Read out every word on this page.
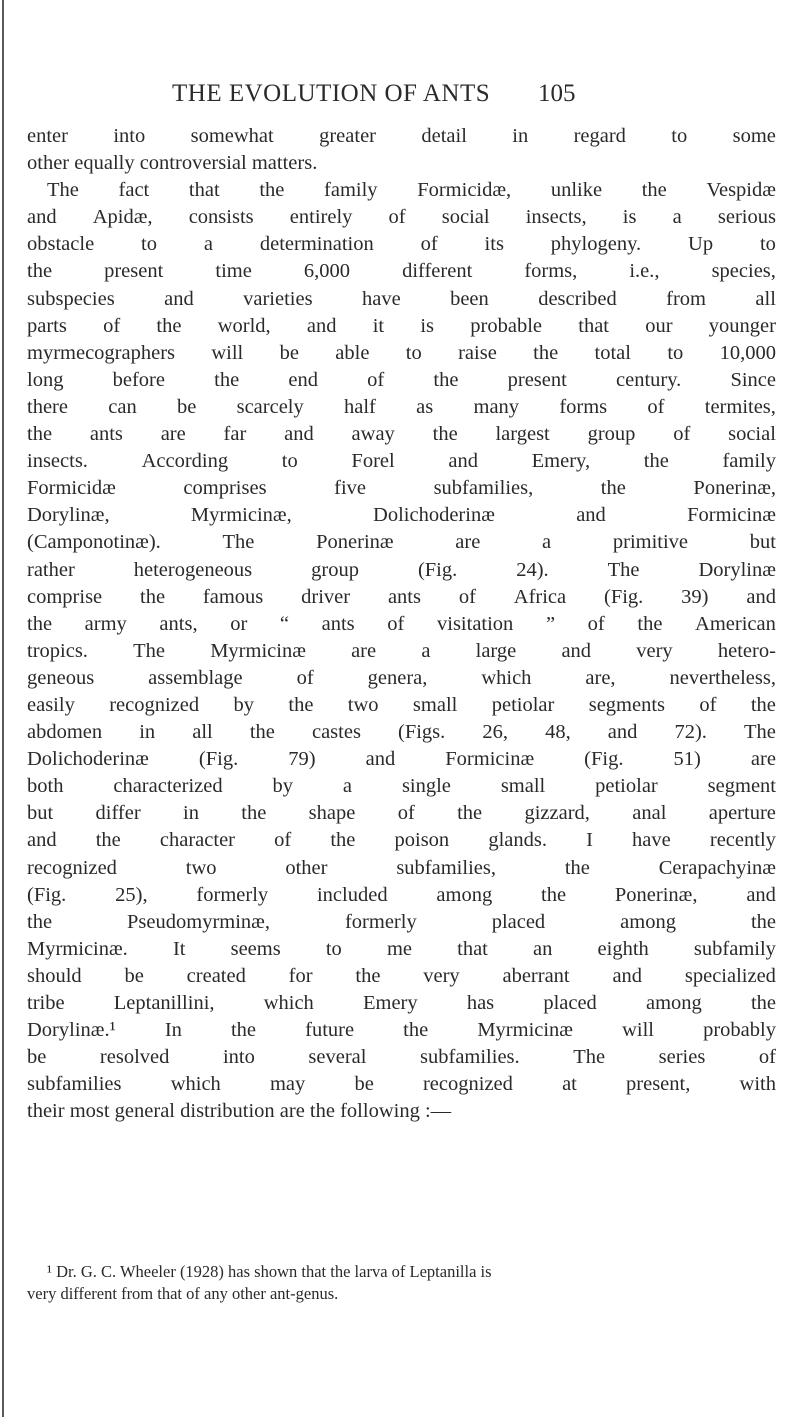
THE EVOLUTION OF ANTS 105
enter into somewhat greater detail in regard to some
other equally controversial matters.
The fact that the family Formicidæ, unlike the Vespidæ
and Apidæ, consists entirely of social insects, is a serious
obstacle to a determination of its phylogeny. Up to
the	present	time	6,000	different	forms,	i.e.,	species,
subspecies and varieties have been described from all
parts of the world, and it is probable that our younger
myrmecographers will be able to raise the total to 10,000
long before the end of the present century. Since
there can be scarcely half as many forms of termites,
the ants are far and away the largest group of social
insects.	According	to	Forel	and	Emery,	the	family
Formicidæ	comprises	five	subfamilies,	the	Ponerinæ,
Dorylinæ,	Myrmicinæ,	Dolichoderinæ	and	Formicinæ
(Camponotinæ).	The	Ponerinæ	are	a	primitive	but
rather	heterogeneous	group	(Fig.	24).	The	Dorylinæ
comprise the famous driver ants of Africa (Fig. 39) and
the army ants, or “ ants of visitation ” of the American
tropics. The Myrmicinæ are a large and very hetero-
geneous	assemblage	of	genera,	which	are,	nevertheless,
easily recognized by the two small petiolar segments of the
abdomen in all the castes (Figs. 26, 48, and 72). The
Dolichoderinæ (Fig. 79) and Formicinæ (Fig. 51) are
both characterized by a single small petiolar segment
but differ in the shape of the gizzard, anal aperture
and the character of the poison glands. I have recently
recognized	two	other	subfamilies,	the	Cerapachyinæ
(Fig. 25), formerly included among the Ponerinæ, and
the	Pseudomyrminæ,	formerly	placed	among	the
Myrmicinæ. It seems to me that an eighth subfamily
should be created for the very aberrant and specialized
tribe Leptanillini, which Emery has placed among the
Dorylinæ.¹ In the future the Myrmicinæ will probably
be	resolved	into	several	subfamilies.	The	series	of
subfamilies which may be recognized at present, with
their most general distribution are the following :—
¹ Dr. G. C. Wheeler (1928) has shown that the larva of Leptanilla is
very different from that of any other ant-genus.
